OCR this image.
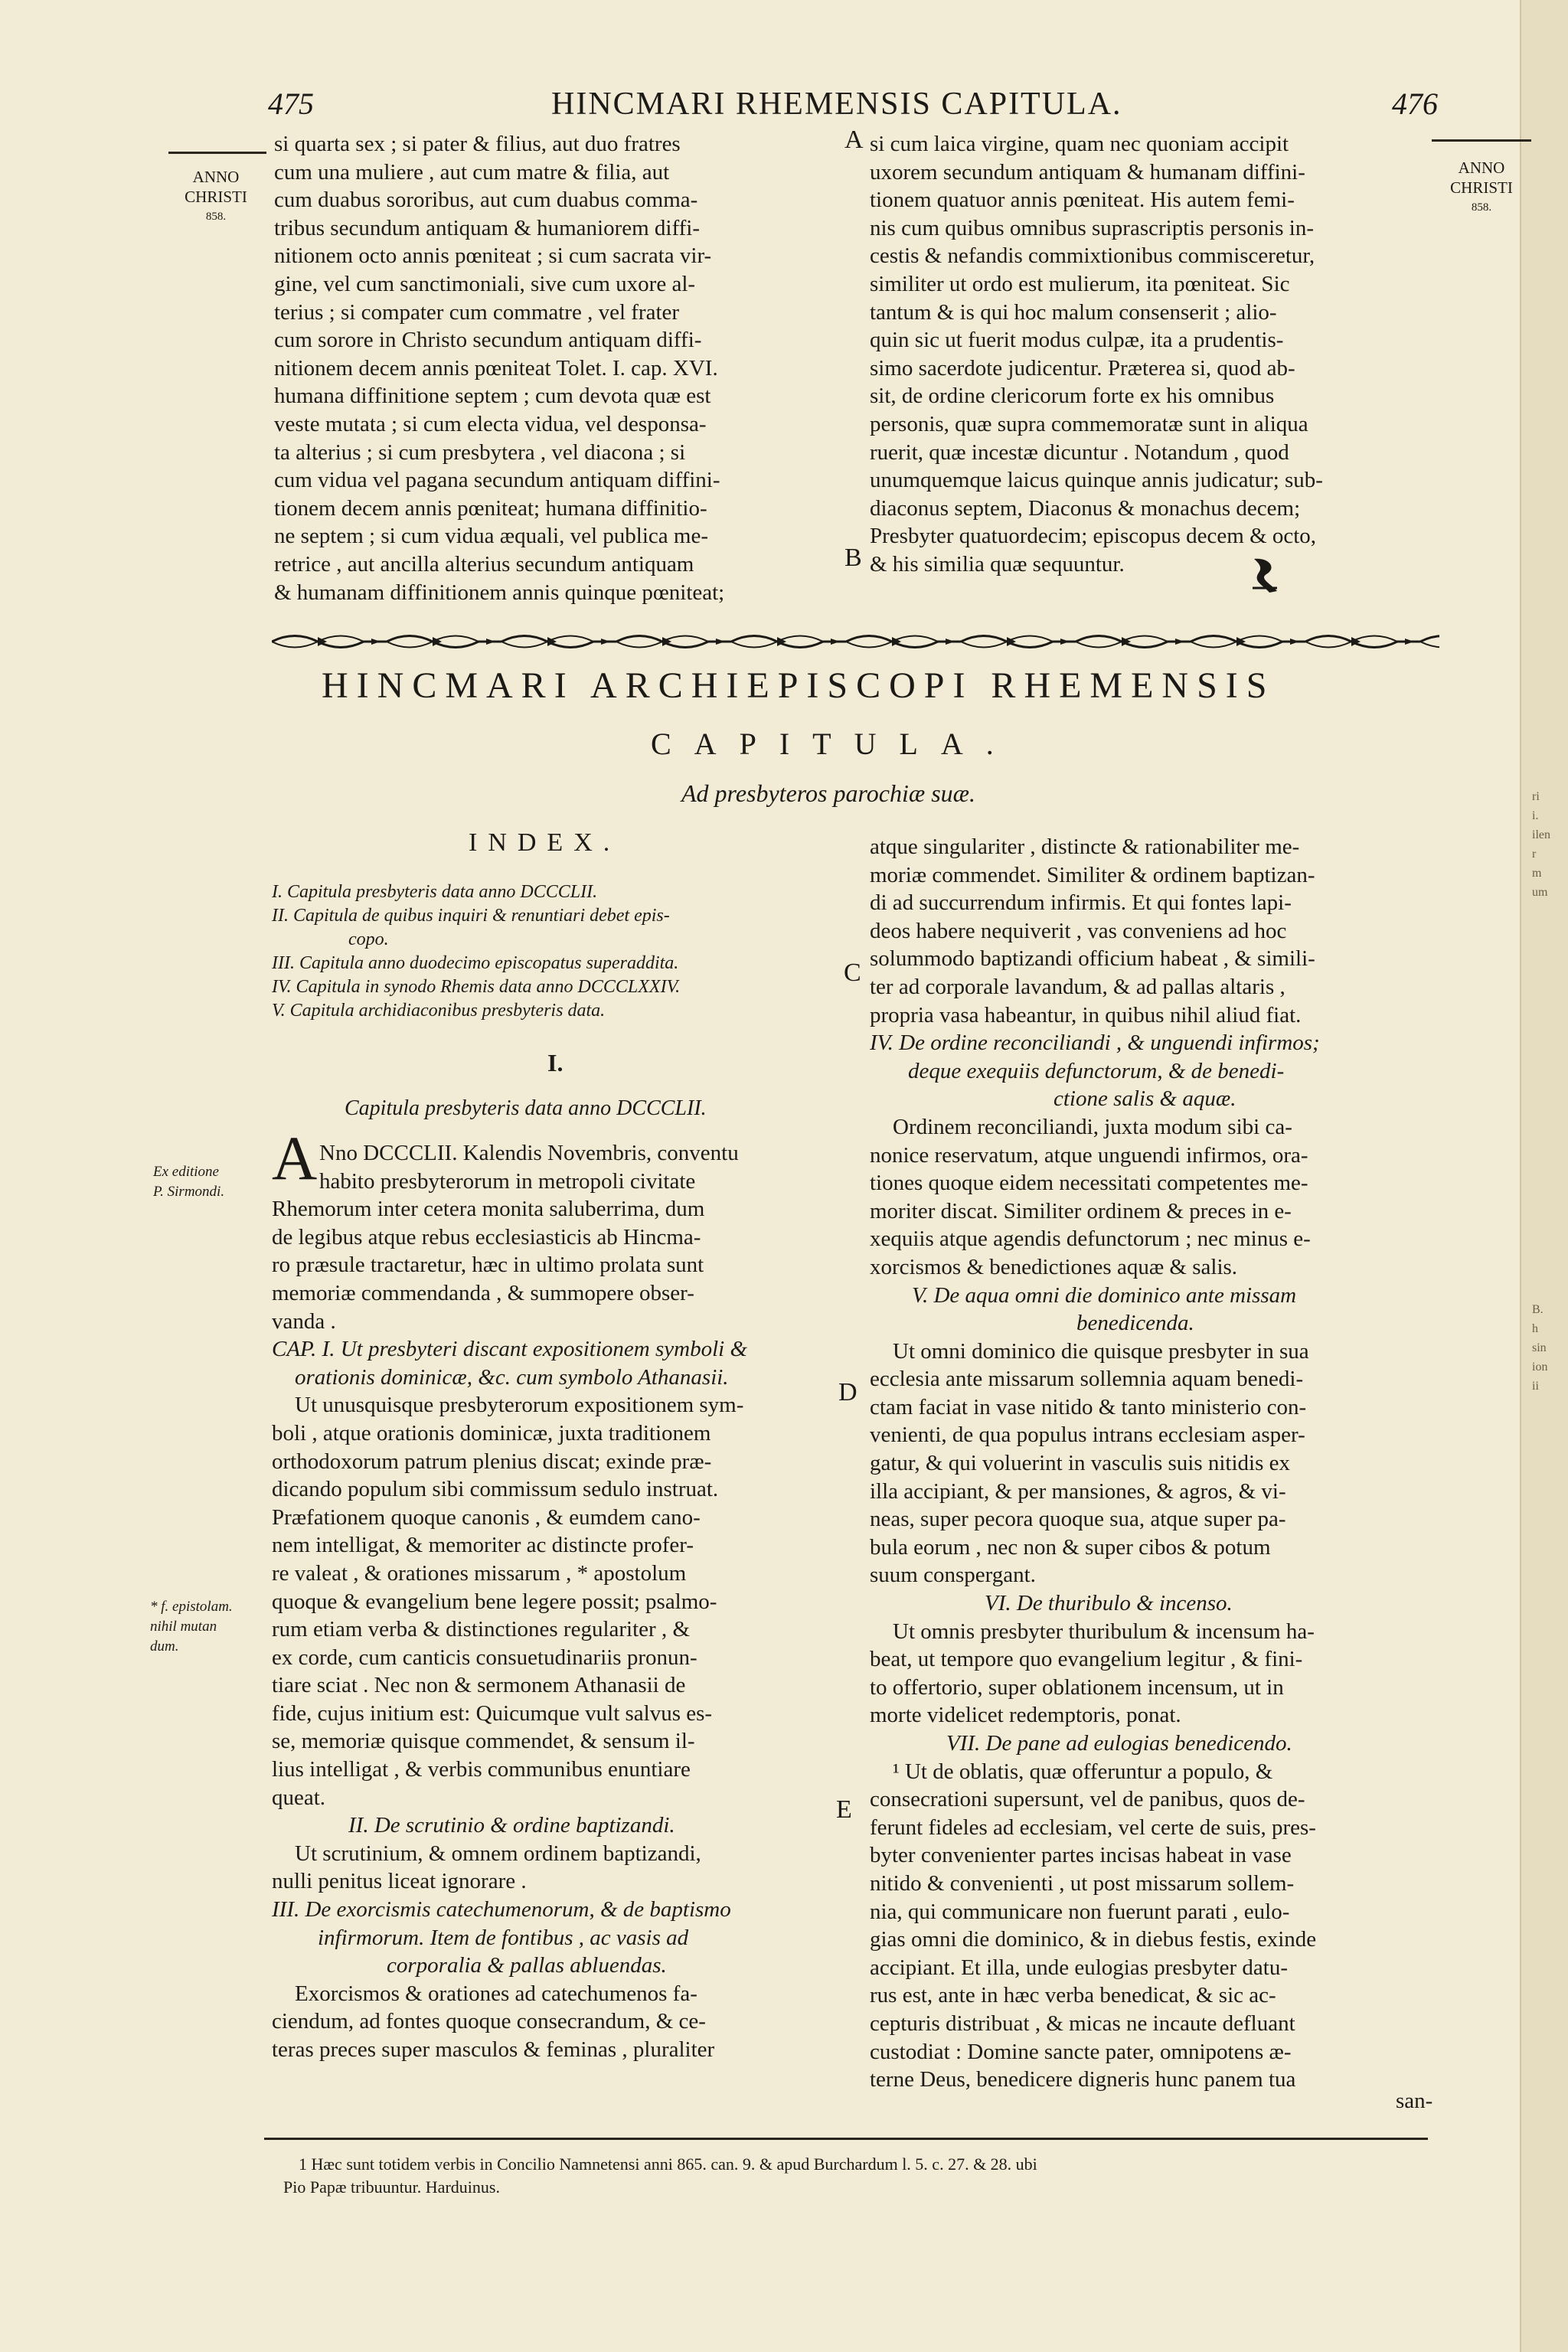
ri
i.
ilen
r
m
um
B.
h
sin
ion
ii
475	HINCMARI RHEMENSIS CAPITULA.	476
ANNO
CHRISTI
858.
ANNO
CHRISTI
858.
Ex editione
P. Sirmondi.
* f. epistolam.
nihil mutan
dum.
si quarta sex ; si pater & filius, aut duo fratres
cum una muliere , aut cum matre & filia, aut
cum duabus sororibus, aut cum duabus comma-
tribus secundum antiquam & humaniorem diffi-
nitionem octo annis pœniteat ; si cum sacrata vir-
gine, vel cum sanctimoniali, sive cum uxore al-
terius ; si compater cum commatre , vel frater
cum sorore in Christo secundum antiquam diffi-
nitionem decem annis pœniteat Tolet. I. cap. XVI.
humana diffinitione septem ; cum devota quæ est
veste mutata ; si cum electa vidua, vel desponsa-
ta alterius ; si cum presbytera , vel diacona ; si
cum vidua vel pagana secundum antiquam diffini-
tionem decem annis pœniteat; humana diffinitio-
ne septem ; si cum vidua æquali, vel publica me-
retrice , aut ancilla alterius secundum antiquam
& humanam diffinitionem annis quinque pœniteat;
A
B
si cum laica virgine, quam nec quoniam accipit
uxorem secundum antiquam & humanam diffini-
tionem quatuor annis pœniteat. His autem femi-
nis cum quibus omnibus suprascriptis personis in-
cestis & nefandis commixtionibus commisceretur,
similiter ut ordo est mulierum, ita pœniteat. Sic
tantum & is qui hoc malum consenserit ; alio-
quin sic ut fuerit modus culpæ, ita a prudentis-
simo sacerdote judicentur. Præterea si, quod ab-
sit, de ordine clericorum forte ex his omnibus
personis, quæ supra commemoratæ sunt in aliqua
ruerit, quæ incestæ dicuntur . Notandum , quod
unumquemque laicus quinque annis judicatur; sub-
diaconus septem, Diaconus & monachus decem;
Presbyter quatuordecim; episcopus decem & octo,
& his similia quæ sequuntur.
HINCMARI ARCHIEPISCOPI RHEMENSIS
CAPITULA.
Ad presbyteros parochiæ suæ.
INDEX.
I. Capitula presbyteris data anno DCCCLII.
II. Capitula de quibus inquiri & renuntiari debet epis-
copo.
III. Capitula anno duodecimo episcopatus superaddita.
IV. Capitula in synodo Rhemis data anno DCCCLXXIV.
V. Capitula archidiaconibus presbyteris data.
I.
Capitula presbyteris data anno DCCCLII.
A Nno DCCCLII. Kalendis Novembris, conventu
habito presbyterorum in metropoli civitate
Rhemorum inter cetera monita saluberrima, dum
de legibus atque rebus ecclesiasticis ab Hincma-
ro præsule tractaretur, hæc in ultimo prolata sunt
memoriæ commendanda , & summopere obser-
vanda .
CAP. I. Ut presbyteri discant expositionem symboli &
orationis dominicæ, &c. cum symbolo Athanasii.
Ut unusquisque presbyterorum expositionem sym-
boli , atque orationis dominicæ, juxta traditionem
orthodoxorum patrum plenius discat; exinde præ-
dicando populum sibi commissum sedulo instruat.
Præfationem quoque canonis , & eumdem cano-
nem intelligat, & memoriter ac distincte profer-
re valeat , & orationes missarum , * apostolum
quoque & evangelium bene legere possit; psalmo-
rum etiam verba & distinctiones regulariter , &
ex corde, cum canticis consuetudinariis pronun-
tiare sciat . Nec non & sermonem Athanasii de
fide, cujus initium est: Quicumque vult salvus es-
se, memoriæ quisque commendet, & sensum il-
lius intelligat , & verbis communibus enuntiare
queat.
II. De scrutinio & ordine baptizandi.
Ut scrutinium, & omnem ordinem baptizandi,
nulli penitus liceat ignorare .
III. De exorcismis catechumenorum, & de baptismo
infirmorum. Item de fontibus , ac vasis ad
corporalia & pallas abluendas.
Exorcismos & orationes ad catechumenos fa-
ciendum, ad fontes quoque consecrandum, & ce-
teras preces super masculos & feminas , pluraliter
C
D
E
atque singulariter , distincte & rationabiliter me-
moriæ commendet. Similiter & ordinem baptizan-
di ad succurrendum infirmis. Et qui fontes lapi-
deos habere nequiverit , vas conveniens ad hoc
solummodo baptizandi officium habeat , & simili-
ter ad corporale lavandum, & ad pallas altaris ,
propria vasa habeantur, in quibus nihil aliud fiat.
IV. De ordine reconciliandi , & unguendi infirmos;
deque exequiis defunctorum, & de benedi-
ctione salis & aquæ.
Ordinem reconciliandi, juxta modum sibi ca-
nonice reservatum, atque unguendi infirmos, ora-
tiones quoque eidem necessitati competentes me-
moriter discat. Similiter ordinem & preces in e-
xequiis atque agendis defunctorum ; nec minus e-
xorcismos & benedictiones aquæ & salis.
V. De aqua omni die dominico ante missam
benedicenda.
Ut omni dominico die quisque presbyter in sua
ecclesia ante missarum sollemnia aquam benedi-
ctam faciat in vase nitido & tanto ministerio con-
venienti, de qua populus intrans ecclesiam asper-
gatur, & qui voluerint in vasculis suis nitidis ex
illa accipiant, & per mansiones, & agros, & vi-
neas, super pecora quoque sua, atque super pa-
bula eorum , nec non & super cibos & potum
suum conspergant.
VI. De thuribulo & incenso.
Ut omnis presbyter thuribulum & incensum ha-
beat, ut tempore quo evangelium legitur , & fini-
to offertorio, super oblationem incensum, ut in
morte videlicet redemptoris, ponat.
VII. De pane ad eulogias benedicendo.
¹ Ut de oblatis, quæ offeruntur a populo, &
consecrationi supersunt, vel de panibus, quos de-
ferunt fideles ad ecclesiam, vel certe de suis, pres-
byter convenienter partes incisas habeat in vase
nitido & convenienti , ut post missarum sollem-
nia, qui communicare non fuerunt parati , eulo-
gias omni die dominico, & in diebus festis, exinde
accipiant. Et illa, unde eulogias presbyter datu-
rus est, ante in hæc verba benedicat, & sic ac-
cepturis distribuat , & micas ne incaute defluant
custodiat : Domine sancte pater, omnipotens æ-
terne Deus, benedicere digneris hunc panem tua
san-
1 Hæc sunt totidem verbis in Concilio Namnetensi anni 865. can. 9. & apud Burchardum l. 5. c. 27. & 28. ubi
Pio Papæ tribuuntur. Harduinus.
